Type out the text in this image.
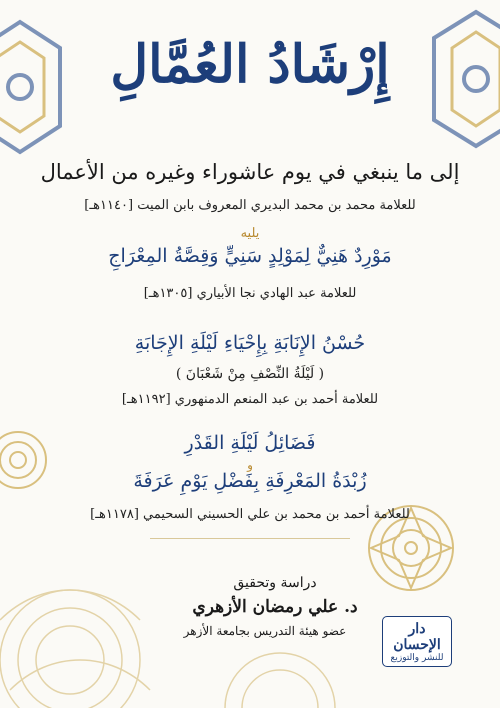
إِرْشَادُ العُمَّالِ
إلى ما ينبغي في يوم عاشوراء وغيره من الأعمال
للعلامة محمد بن محمد البديري المعروف بابن الميت [١١٤٠هـ]
يليه
مَوْرِدٌ هَنِيٌّ لِمَوْلِدٍ سَنِيٍّ وَقِصَّةُ المِعْرَاجِ
للعلامة عبد الهادي نجا الأبياري [١٣٠٥هـ]
حُسْنُ الإِنَابَةِ بِإِحْيَاءِ لَيْلَةِ الإِجَابَةِ
( لَيْلَةُ النِّصْفِ مِنْ شَعْبَانَ )
للعلامة أحمد بن عبد المنعم الدمنهوري [١١٩٢هـ]
فَضَائِلُ لَيْلَةِ القَدْرِ
و
زُبْدَةُ المَعْرِفَةِ بِفَضْلِ يَوْمِ عَرَفَةَ
للعلامة أحمد بن محمد بن علي الحسيني السحيمي [١١٧٨هـ]
دراسة وتحقيق
د. علي رمضان الأزهري
عضو هيئة التدريس بجامعة الأزهر	دار الإحسان
للنشر والتوزيع
